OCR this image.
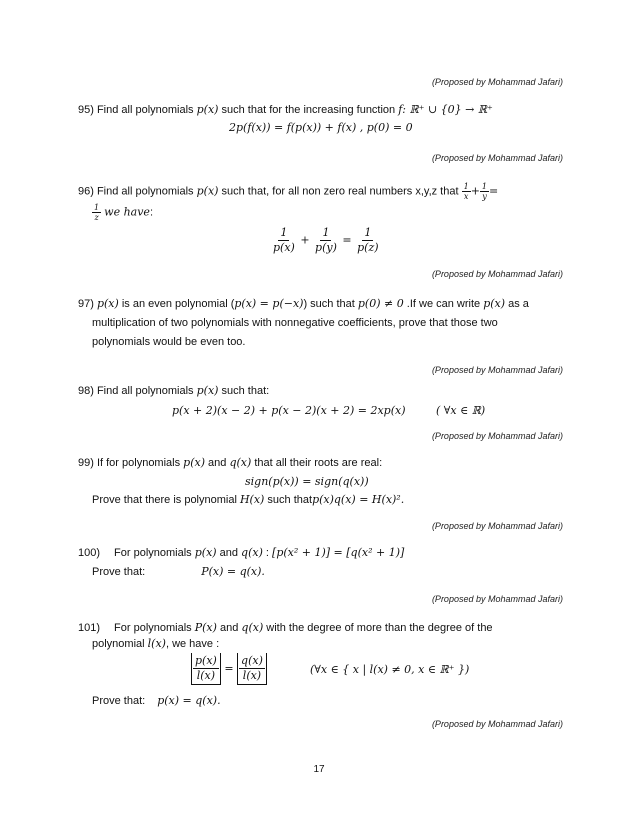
(Proposed by Mohammad Jafari)
95) Find all polynomials p(x) such that for the increasing function f: ℝ⁺ ∪ {0} → ℝ⁺
2p(f(x)) = f(p(x)) + f(x) , p(0) = 0
(Proposed by Mohammad Jafari)
96) Find all polynomials p(x) such that, for all non zero real numbers x,y,z that $\frac{1}{x} + \frac{1}{y}$ =
$\frac{1}{z}$ we have:
$\frac{1}{p(x)} + \frac{1}{p(y)} = \frac{1}{p(z)}$
(Proposed by Mohammad Jafari)
97) p(x) is an even polynomial (p(x) = p(−x)) such that p(0) ≠ 0 .If we can write p(x) as a
multiplication of two polynomials with nonnegative coefficients, prove that those two
polynomials would be even too.
(Proposed by Mohammad Jafari)
98) Find all polynomials p(x) such that:
p(x + 2)(x − 2) + p(x − 2)(x + 2) = 2xp(x)	( ∀x ∈ ℝ)
(Proposed by Mohammad Jafari)
99) If for polynomials p(x) and q(x) that all their roots are real:
sign(p(x)) = sign(q(x))
Prove that there is polynomial H(x) such thatp(x)q(x) = H(x)².
(Proposed by Mohammad Jafari)
100) For polynomials p(x) and q(x) : [p(x² + 1)] = [q(x² + 1)]
Prove that:	P(x) = q(x).
(Proposed by Mohammad Jafari)
101) For polynomials P(x) and q(x) with the degree of more than the degree of the
polynomial l(x), we have :
$\frac{p(x)}{l(x)} = \frac{q(x)}{l(x)}$	(∀x ∈ { x | l(x) ≠ 0, x ∈ ℝ⁺ })
Prove that: p(x) = q(x).
(Proposed by Mohammad Jafari)
17
